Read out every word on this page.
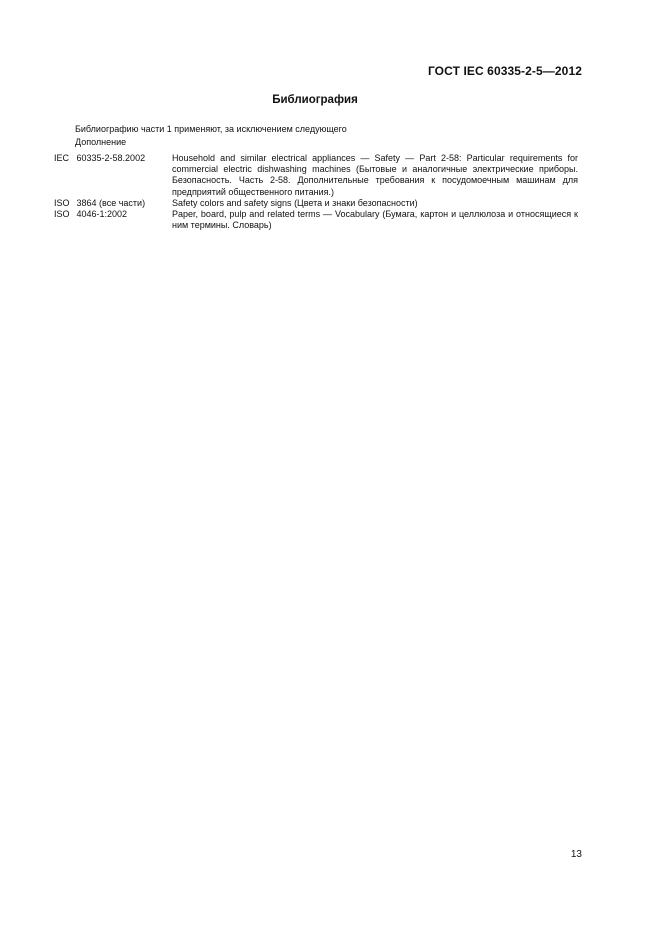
ГОСТ IEC 60335-2-5—2012
Библиография
Библиографию части 1 применяют, за исключением следующего
Дополнение
IEC 60335-2-58.2002	Household and similar electrical appliances — Safety — Part 2-58: Particular requirements for commercial electric dishwashing machines (Бытовые и аналогичные электрические приборы. Безопасность. Часть 2-58. Дополнительные требования к посудомоечным машинам для предприятий общественного питания.)
ISO 3864 (все части)	Safety colors and safety signs (Цвета и знаки безопасности)
ISO 4046-1:2002	Paper, board, pulp and related terms — Vocabulary (Бумага, картон и целлюлоза и относящиеся к ним термины. Словарь)
13
